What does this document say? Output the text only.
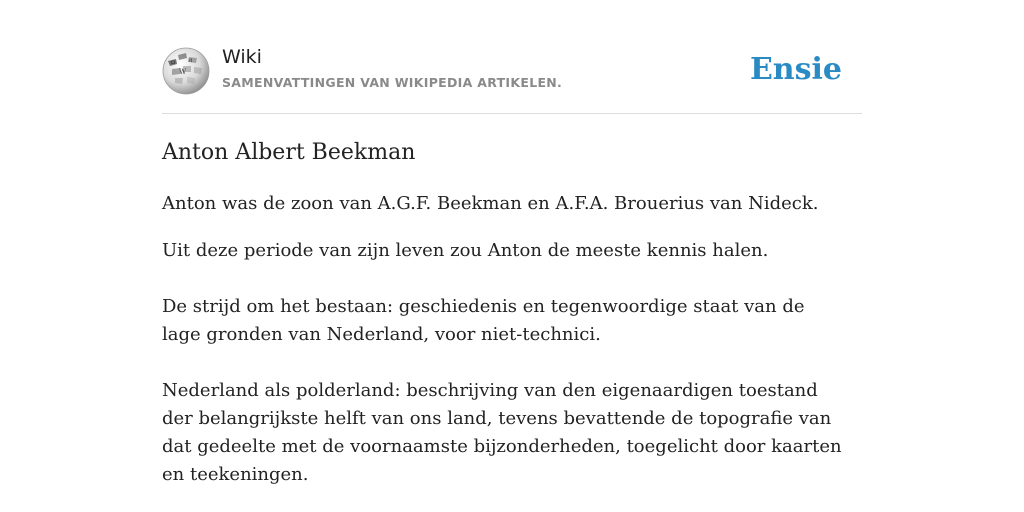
W
Ω	И Wiki
SAMENVATTINGEN VAN WIKIPEDIA ARTIKELEN.	Ensie
Anton Albert Beekman

Anton was de zoon van A.G.F. Beekman en A.F.A. Brouerius van Nideck.

Uit deze periode van zijn leven zou Anton de meeste kennis halen.

De strijd om het bestaan: geschiedenis en tegenwoordige staat van de lage gronden van Nederland, voor niet-technici.

Nederland als polderland: beschrijving van den eigenaardigen toestand der belangrijkste helft van ons land, tevens bevattende de topografie van dat gedeelte met de voornaamste bijzonderheden, toegelicht door kaarten en teekeningen.
